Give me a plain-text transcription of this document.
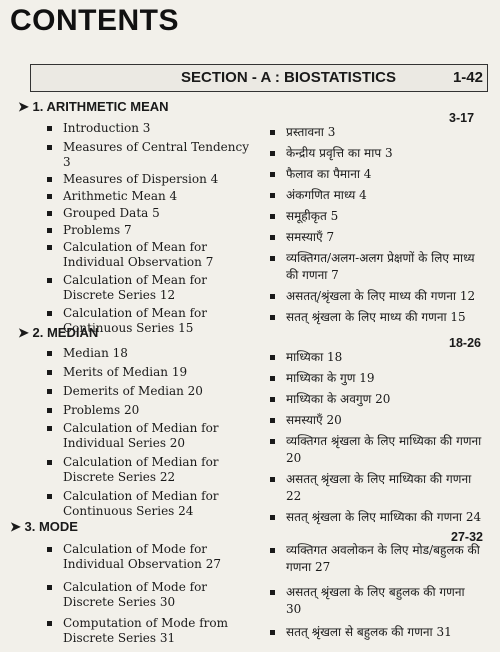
CONTENTS
SECTION - A : BIOSTATISTICS	1-42
➤ 1. ARITHMETIC MEAN
3-17
Introduction 3
Measures of Central Tendency 3
Measures of Dispersion 4
Arithmetic Mean 4
Grouped Data 5
Problems 7
Calculation of Mean for Individual Observation 7
Calculation of Mean for Discrete Series 12
Calculation of Mean for Continuous Series 15
प्रस्तावना 3
केन्द्रीय प्रवृत्ति का माप 3
फैलाव का पैमाना 4
अंकगणित माध्य 4
समूहीकृत 5
समस्याएँ 7
व्यक्तिगत/अलग-अलग प्रेक्षणों के लिए माध्य की गणना 7
असतत्/श्रृंखला के लिए माध्य की गणना 12
सतत् श्रृंखला के लिए माध्य की गणना 15
➤ 2. MEDIAN
18-26
Median 18
Merits of Median 19
Demerits of Median 20
Problems 20
Calculation of Median for Individual Series 20
Calculation of Median for Discrete Series 22
Calculation of Median for Continuous Series 24
माध्यिका 18
माध्यिका के गुण 19
माध्यिका के अवगुण 20
समस्याएँ 20
व्यक्तिगत श्रृंखला के लिए माध्यिका की गणना 20
असतत् श्रृंखला के लिए माध्यिका की गणना 22
सतत् श्रृंखला के लिए माध्यिका की गणना 24
➤ 3. MODE
27-32
Calculation of Mode for Individual Observation 27
Calculation of Mode for Discrete Series 30
Computation of Mode from Discrete Series 31
व्यक्तिगत अवलोकन के लिए मोड/बहुलक की गणना 27
असतत् श्रृंखला के लिए बहुलक की गणना 30
सतत् श्रृंखला से बहुलक की गणना 31
